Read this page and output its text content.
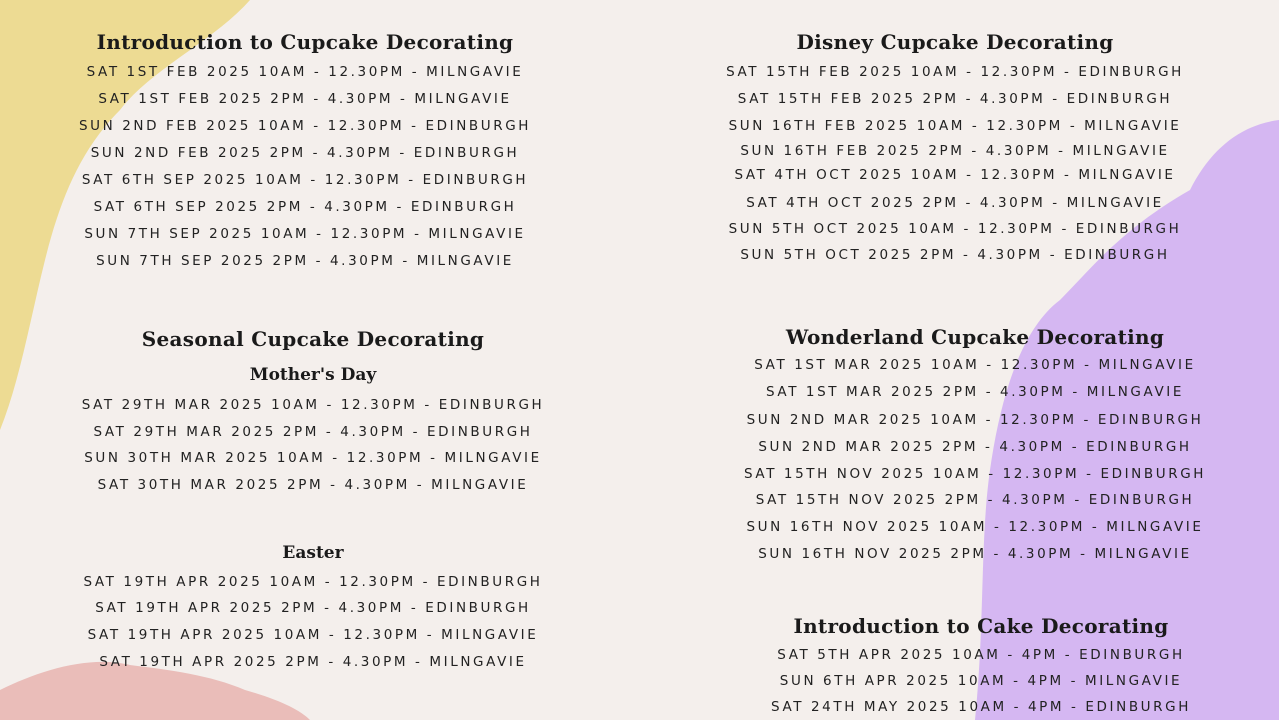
Introduction to Cupcake Decorating
SAT 1ST FEB 2025 10AM - 12.30PM - MILNGAVIE
SAT 1ST FEB 2025 2PM - 4.30PM - MILNGAVIE
SUN 2ND FEB 2025 10AM - 12.30PM - EDINBURGH
SUN 2ND FEB 2025 2PM - 4.30PM - EDINBURGH
SAT 6TH SEP 2025 10AM - 12.30PM - EDINBURGH
SAT 6TH SEP 2025 2PM - 4.30PM - EDINBURGH
SUN 7TH SEP 2025 10AM - 12.30PM - MILNGAVIE
SUN 7TH SEP 2025 2PM - 4.30PM - MILNGAVIE
Disney Cupcake Decorating
SAT 15TH FEB 2025 10AM - 12.30PM - EDINBURGH
SAT 15TH FEB 2025 2PM - 4.30PM - EDINBURGH
SUN 16TH FEB 2025 10AM - 12.30PM - MILNGAVIE
SUN 16TH FEB 2025 2PM - 4.30PM - MILNGAVIE
SAT 4TH OCT 2025 10AM - 12.30PM - MILNGAVIE
SAT 4TH OCT 2025 2PM - 4.30PM - MILNGAVIE
SUN 5TH OCT 2025 10AM - 12.30PM - EDINBURGH
SUN 5TH OCT 2025 2PM - 4.30PM - EDINBURGH
Seasonal Cupcake Decorating
Mother's Day
SAT 29TH MAR 2025 10AM - 12.30PM - EDINBURGH
SAT 29TH MAR 2025 2PM - 4.30PM - EDINBURGH
SUN 30TH MAR 2025 10AM - 12.30PM - MILNGAVIE
SAT 30TH MAR 2025 2PM - 4.30PM - MILNGAVIE
Easter
SAT 19TH APR 2025 10AM - 12.30PM - EDINBURGH
SAT 19TH APR 2025 2PM - 4.30PM - EDINBURGH
SAT 19TH APR 2025 10AM - 12.30PM - MILNGAVIE
SAT 19TH APR 2025 2PM - 4.30PM - MILNGAVIE
Wonderland Cupcake Decorating
SAT 1ST MAR 2025 10AM - 12.30PM - MILNGAVIE
SAT 1ST MAR 2025 2PM - 4.30PM - MILNGAVIE
SUN 2ND MAR 2025 10AM - 12.30PM - EDINBURGH
SUN 2ND MAR 2025 2PM - 4.30PM - EDINBURGH
SAT 15TH NOV 2025 10AM - 12.30PM - EDINBURGH
SAT 15TH NOV 2025 2PM - 4.30PM - EDINBURGH
SUN 16TH NOV 2025 10AM - 12.30PM - MILNGAVIE
SUN 16TH NOV 2025 2PM - 4.30PM - MILNGAVIE
Introduction to Cake Decorating
SAT 5TH APR 2025 10AM - 4PM - EDINBURGH
SUN 6TH APR 2025 10AM - 4PM - MILNGAVIE
SAT 24TH MAY 2025 10AM - 4PM - EDINBURGH
